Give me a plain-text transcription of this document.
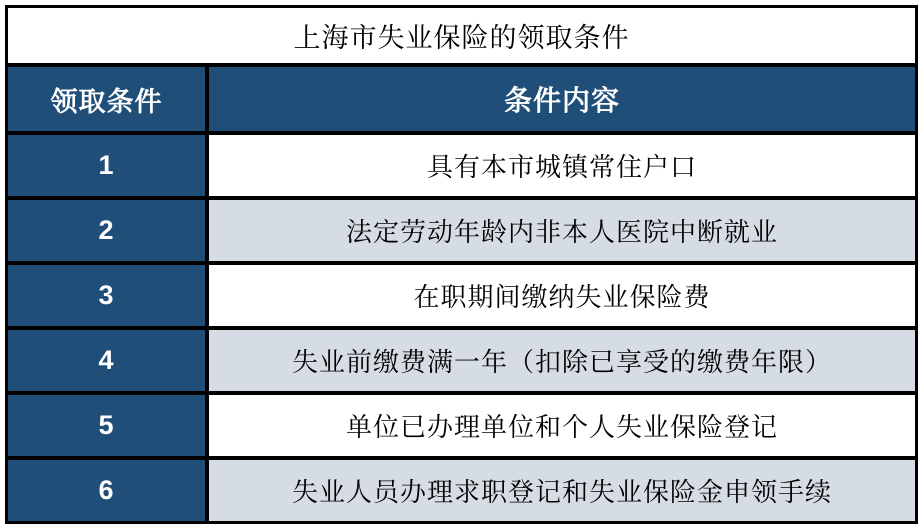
上海市失业保险的领取条件
领取条件	条件内容
1	具有本市城镇常住户口
2	法定劳动年龄内非本人医院中断就业
3	在职期间缴纳失业保险费
4	失业前缴费满一年（扣除已享受的缴费年限）
5	单位已办理单位和个人失业保险登记
6	失业人员办理求职登记和失业保险金申领手续
